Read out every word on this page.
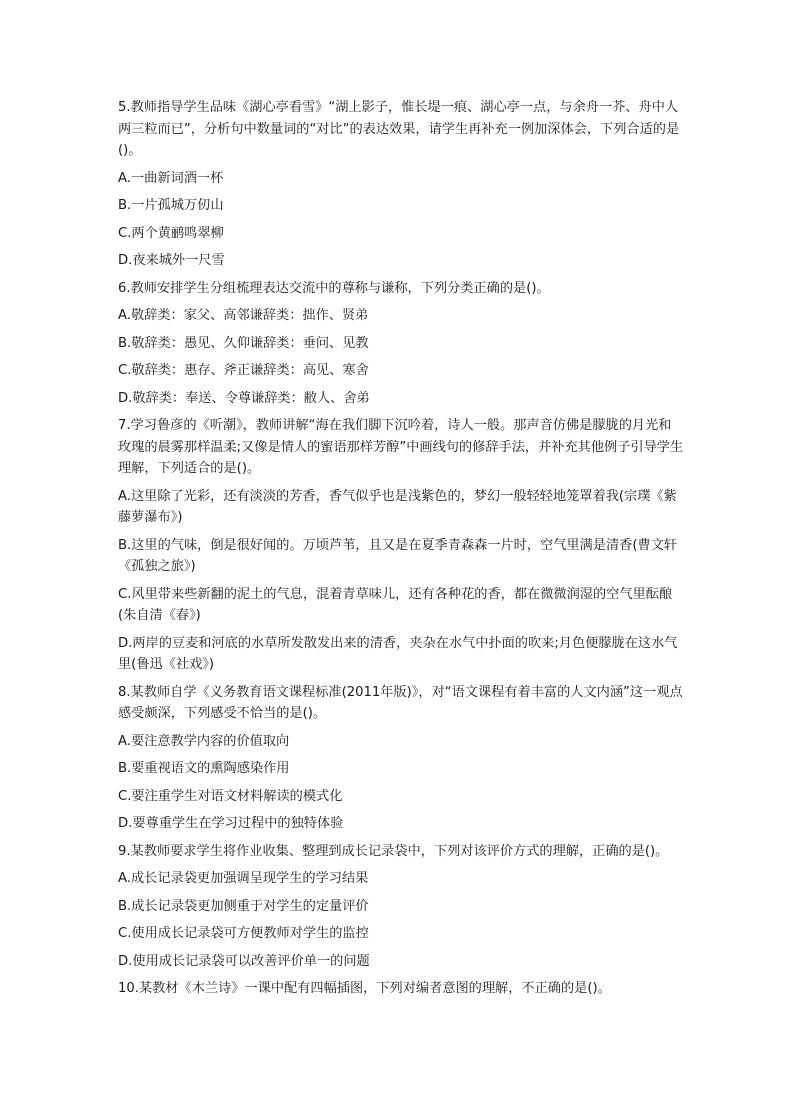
5.教师指导学生品味《湖心亭看雪》“湖上影子，惟长堤一痕、湖心亭一点，与余舟一芥、舟中人两三粒而已”，分析句中数量词的“对比”的表达效果，请学生再补充一例加深体会，下列合适的是()。

A.一曲新词酒一杯

B.一片孤城万仞山

C.两个黄鹂鸣翠柳

D.夜来城外一尺雪

6.教师安排学生分组梳理表达交流中的尊称与谦称，下列分类正确的是()。

A.敬辞类：家父、高邻谦辞类：拙作、贤弟

B.敬辞类：愚见、久仰谦辞类：垂问、见教

C.敬辞类：惠存、斧正谦辞类：高见、寒舍

D.敬辞类：奉送、令尊谦辞类：敝人、舍弟

7.学习鲁彦的《听潮》，教师讲解“海在我们脚下沉吟着，诗人一般。那声音仿佛是朦胧的月光和玫瑰的晨雾那样温柔;又像是情人的蜜语那样芳醇”中画线句的修辞手法，并补充其他例子引导学生理解，下列适合的是()。

A.这里除了光彩，还有淡淡的芳香，香气似乎也是浅紫色的，梦幻一般轻轻地笼罩着我(宗璞《紫藤萝瀑布》)

B.这里的气味，倒是很好闻的。万顷芦苇，且又是在夏季青森森一片时，空气里满是清香(曹文轩《孤独之旅》)

C.风里带来些新翻的泥土的气息，混着青草味儿，还有各种花的香，都在微微润湿的空气里酝酿(朱自清《春》)

D.两岸的豆麦和河底的水草所发散发出来的清香，夹杂在水气中扑面的吹来;月色便朦胧在这水气里(鲁迅《社戏》)

8.某教师自学《义务教育语文课程标准(2011年版)》，对“语文课程有着丰富的人文内涵”这一观点感受颇深，下列感受不恰当的是()。

A.要注意教学内容的价值取向

B.要重视语文的熏陶感染作用

C.要注重学生对语文材料解读的模式化

D.要尊重学生在学习过程中的独特体验

9.某教师要求学生将作业收集、整理到成长记录袋中，下列对该评价方式的理解，正确的是()。

A.成长记录袋更加强调呈现学生的学习结果

B.成长记录袋更加侧重于对学生的定量评价

C.使用成长记录袋可方便教师对学生的监控

D.使用成长记录袋可以改善评价单一的问题

10.某教材《木兰诗》一课中配有四幅插图，下列对编者意图的理解，不正确的是()。
